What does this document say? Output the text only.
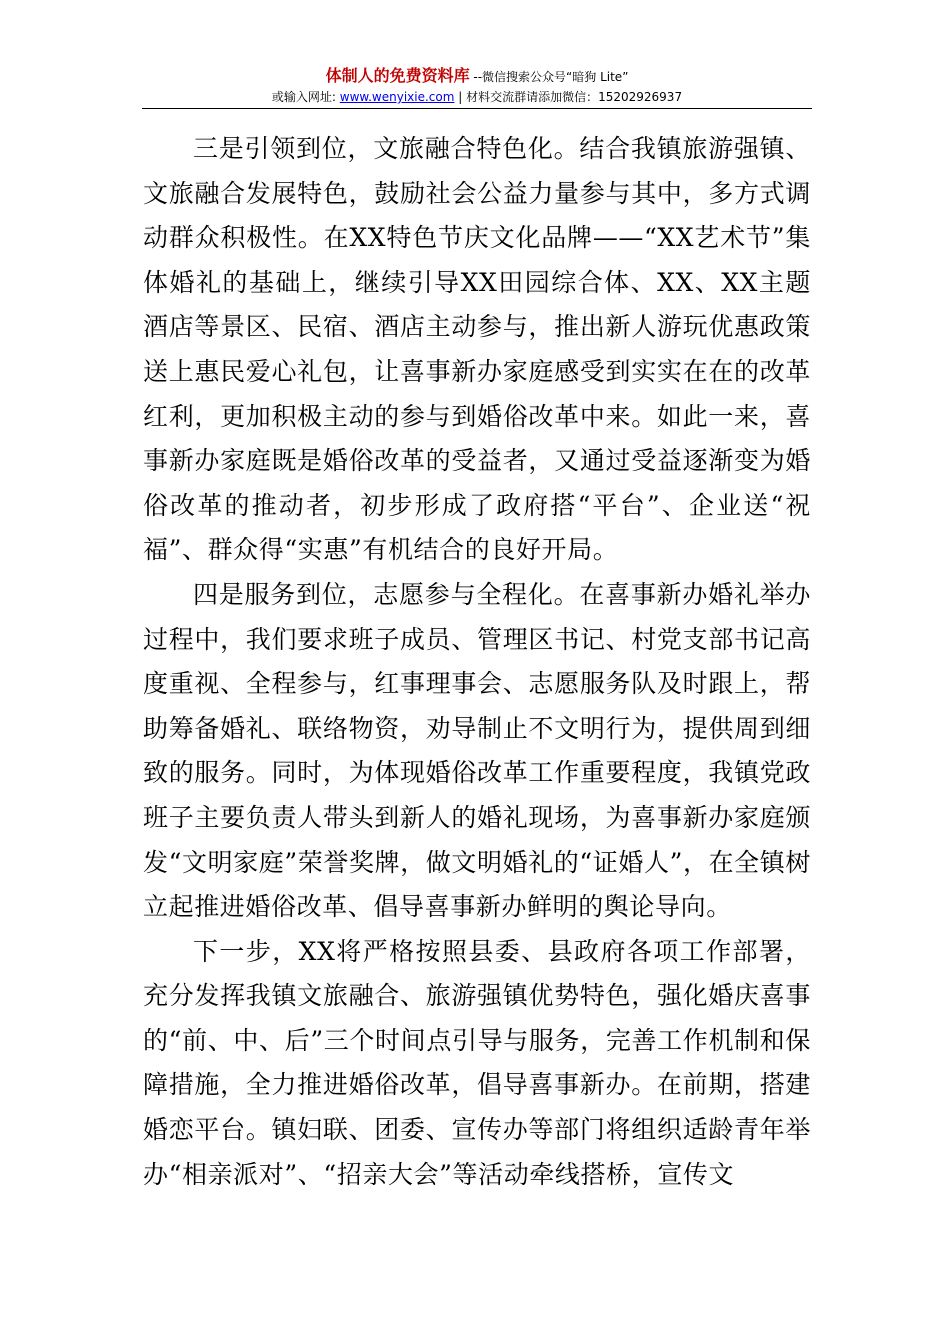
体制人的免费资料库 --微信搜索公众号“暗狗 Lite”
或输入网址: www.wenyixie.com | 材料交流群请添加微信：15202926937

三是引领到位，文旅融合特色化。结合我镇旅游强镇、文旅融合发展特色，鼓励社会公益力量参与其中，多方式调动群众积极性。在XX特色节庆文化品牌——“XX艺术节”集体婚礼的基础上，继续引导XX田园综合体、XX、XX主题酒店等景区、民宿、酒店主动参与，推出新人游玩优惠政策送上惠民爱心礼包，让喜事新办家庭感受到实实在在的改革红利，更加积极主动的参与到婚俗改革中来。如此一来，喜事新办家庭既是婚俗改革的受益者，又通过受益逐渐变为婚俗改革的推动者，初步形成了政府搭“平台”、企业送“祝福”、群众得“实惠”有机结合的良好开局。

四是服务到位，志愿参与全程化。在喜事新办婚礼举办过程中，我们要求班子成员、管理区书记、村党支部书记高度重视、全程参与，红事理事会、志愿服务队及时跟上，帮助筹备婚礼、联络物资，劝导制止不文明行为，提供周到细致的服务。同时，为体现婚俗改革工作重要程度，我镇党政班子主要负责人带头到新人的婚礼现场，为喜事新办家庭颁发“文明家庭”荣誉奖牌，做文明婚礼的“证婚人”，在全镇树立起推进婚俗改革、倡导喜事新办鲜明的舆论导向。

下一步，XX将严格按照县委、县政府各项工作部署，充分发挥我镇文旅融合、旅游强镇优势特色，强化婚庆喜事的“前、中、后”三个时间点引导与服务，完善工作机制和保障措施，全力推进婚俗改革，倡导喜事新办。在前期，搭建婚恋平台。镇妇联、团委、宣传办等部门将组织适龄青年举办“相亲派对”、“招亲大会”等活动牵线搭桥，宣传文
